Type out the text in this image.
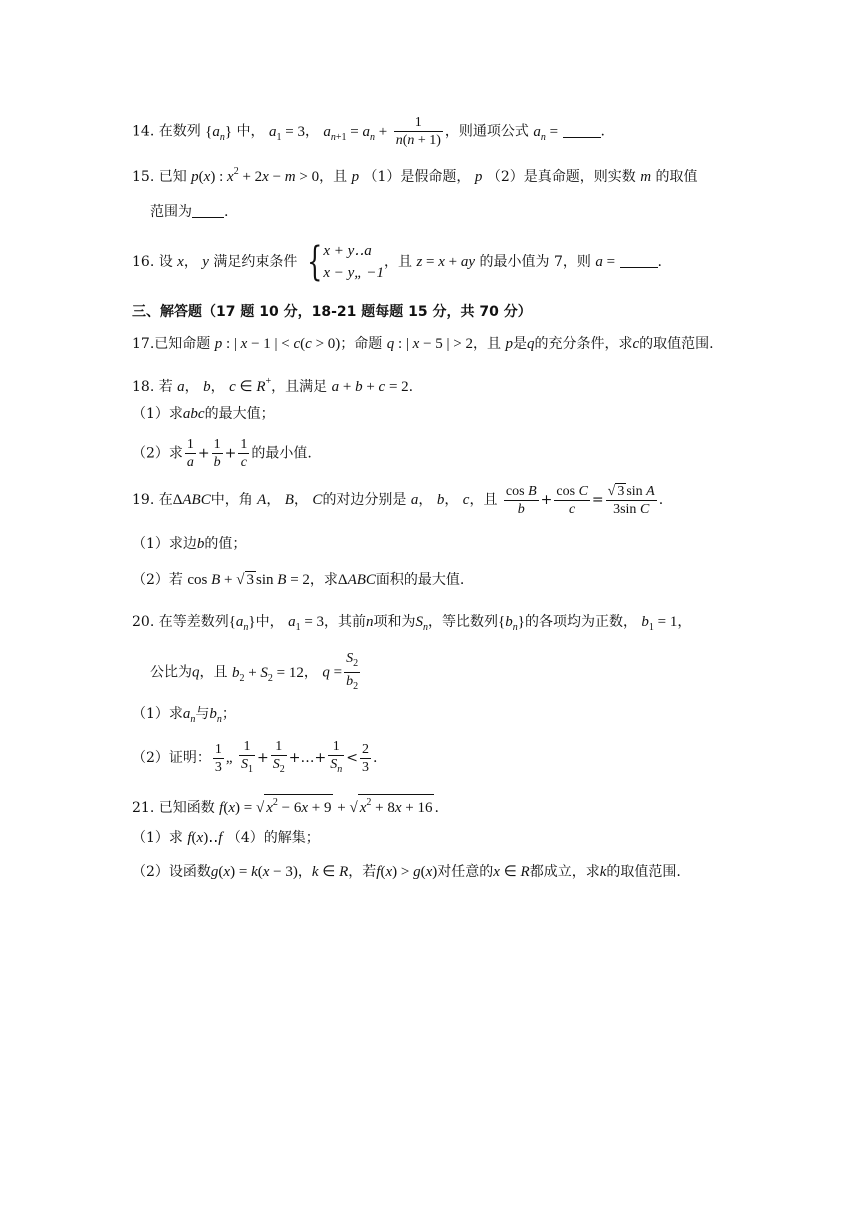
14. 在数列 $\{a_n\}$ 中， $a_1 = 3$， $a_{n+1} = a_n + \frac{1}{n(n + 1)}$ ，则通项公式 $a_n$ =	.
15. 已知 p(x) : $x^2 + 2x - m > 0$，且 p （1）是假命题， p （2）是真命题，则实数 m 的取值
范围为 .
16. 设 x， y 满足约束条件 { x + y‥a
x − y„ −1
，且 z = x + ay 的最小值为 7，则 a =	.
三、解答题（17 题 10 分，18-21 题每题 15 分，共 70 分）
17.已知命题 p : | x − 1 | < c(c > 0)；命题 q : | x − 5 | > 2，且 p是q的充分条件，求c的取值范围.
18. 若 a， b， c ∈ R+，且满足 a + b + c = 2.
（1）求abc的最大值；
（2）求 $\frac{1}{a} + \frac{1}{b} + \frac{1}{c}$ 的最小值.
19. 在ΔABC中，角 A， B， C的对边分别是 a， b， c，且 $\frac{\text{cos B}}{b} + \frac{\text{cos C}}{c} = \frac{\text{√ 3 sin A}}{\text{3sin C}}$ .
（1）求边b的值；
（2）若 cos B + √ 3 sin B = 2，求ΔABC面积的最大值.
20. 在等差数列$\{a_n\}$中， $a_1 = 3$，其前n项和为$S_n$，等比数列$\{b_n\}$的各项均为正数， $b_1 = 1$，
公比为q，且 $b_2 + S_2 = 12$， $q = \frac{S_2}{b_2}$
（1）求$a_n$与$b_n$；
（2）证明： $\frac{1}{3}$ „ $\frac{1}{S_1} + \frac{1}{S_2}$ +…+ $\frac{1}{S_n} < \frac{2}{3}$ .
21. 已知函数 f(x) = √ $x^2 - 6x + 9$ + √ $x^2 + 8x + 16$ .
（1）求 f(x)‥f （4）的解集；
（2）设函数g(x) = k(x − 3)，k ∈ R，若f(x) > g(x)对任意的x ∈ R都成立，求k的取值范围.
